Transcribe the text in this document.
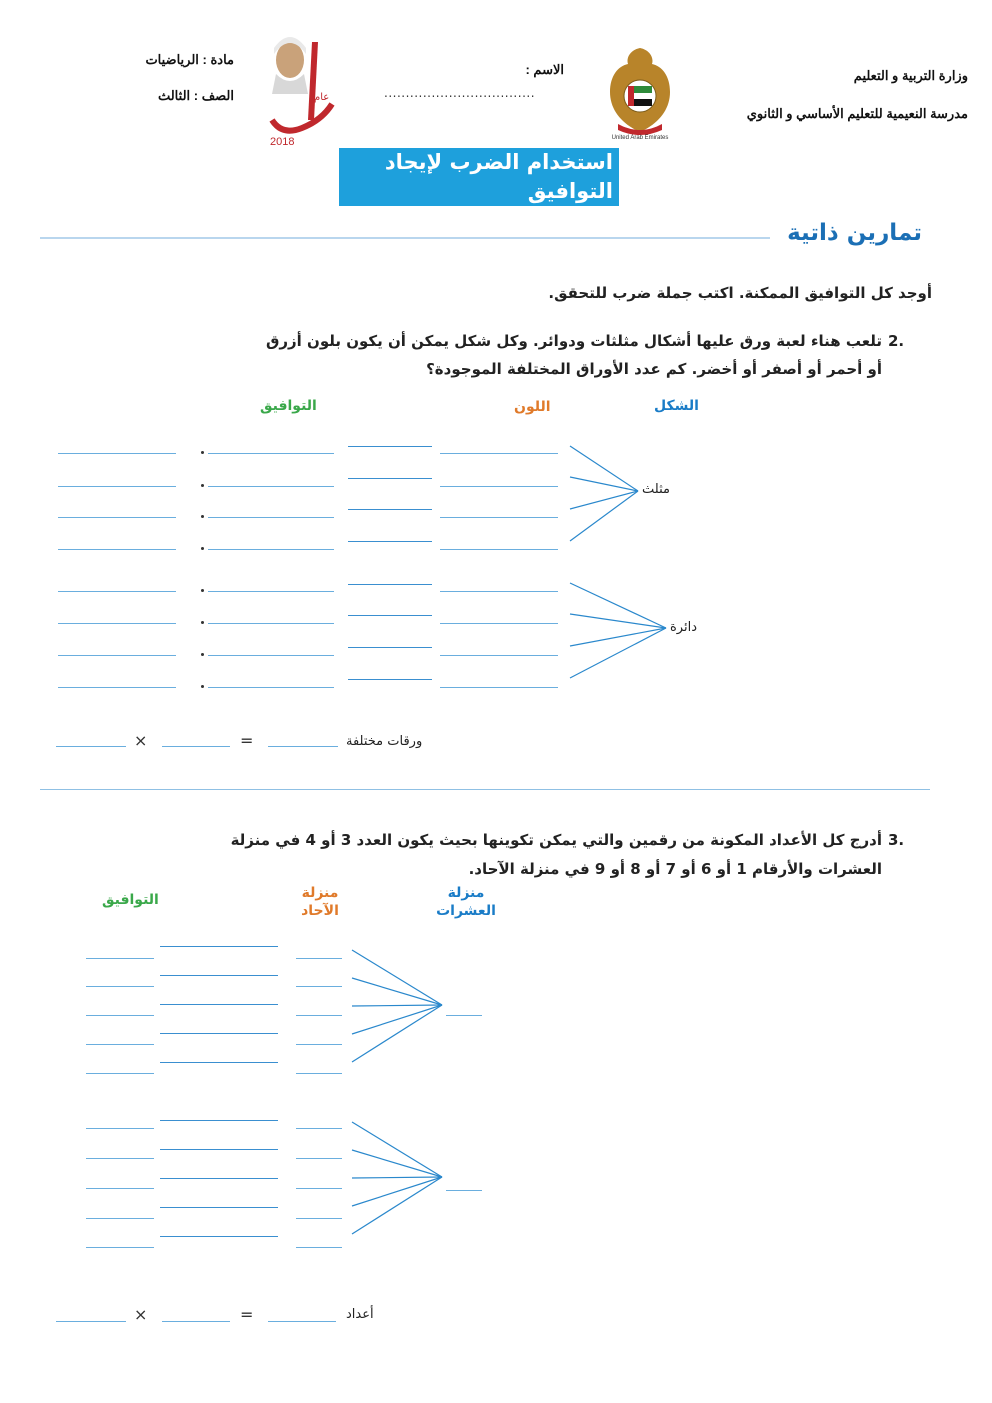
وزارة التربية و التعليم
مدرسة النعيمية للتعليم الأساسي و الثانوي
United Arab Emirates
الاسم :
...................................
عام
2018
مادة : الرياضيات
الصف : الثالث
استخدام الضرب لإيجاد التوافيق
تمارين ذاتية
أوجد كل التوافيق الممكنة. اكتب جملة ضرب للتحقق.
2.
تلعب هناء لعبة ورق عليها أشكال مثلثات ودوائر. وكل شكل يمكن أن يكون بلون أزرق
أو أحمر أو أصفر أو أخضر. كم عدد الأوراق المختلفة الموجودة؟
الشكل
اللون
التوافيق
مثلث
دائرة
×	=	ورقات مختلفة
3.
أدرج كل الأعداد المكونة من رقمين والتي يمكن تكوينها بحيث يكون العدد 3 أو 4 في منزلة
العشرات والأرقام 1 أو 6 أو 7 أو 8 أو 9 في منزلة الآحاد.
منزلة العشرات
منزلة الآحاد
التوافيق
×	=	أعداد
